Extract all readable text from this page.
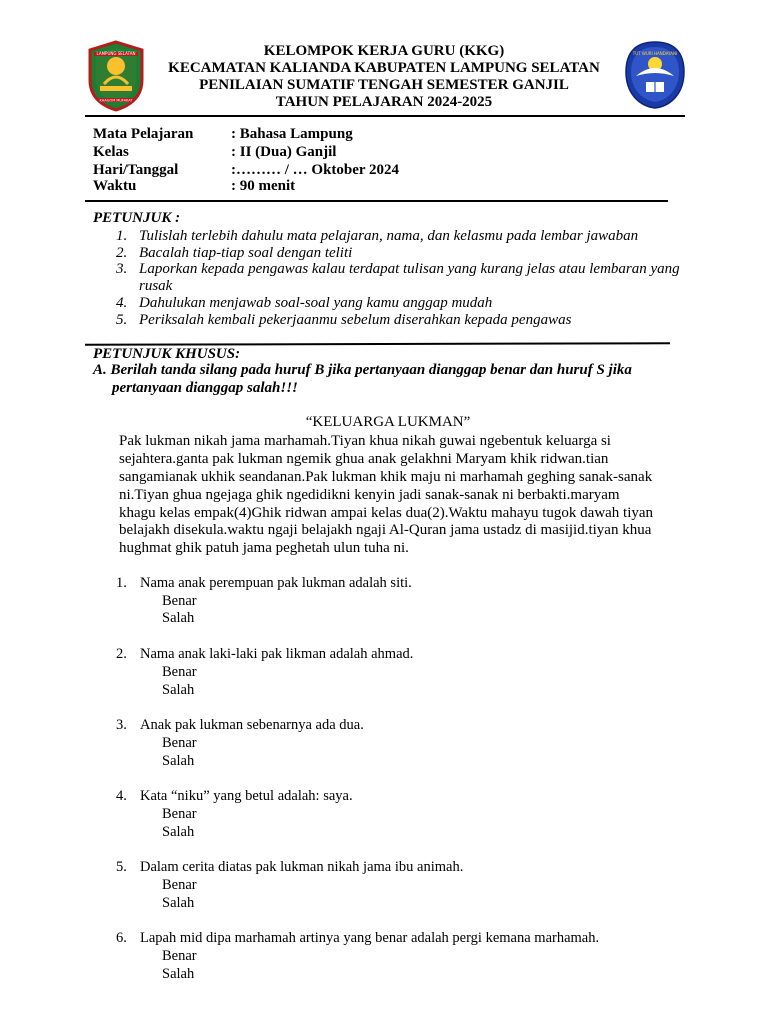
LAMPUNG SELATAN
KHAGOM MUFAKAT
TUT WURI HANDAYANI
KELOMPOK KERJA GURU (KKG)
KECAMATAN KALIANDA KABUPATEN LAMPUNG SELATAN
PENILAIAN SUMATIF TENGAH SEMESTER GANJIL
TAHUN PELAJARAN 2024-2025
Mata Pelajaran	: Bahasa Lampung
Kelas	: II (Dua) Ganjil
Hari/Tanggal	:……… / … Oktober 2024
Waktu	: 90 menit
PETUNJUK :
1. Tulislah terlebih dahulu mata pelajaran, nama, dan kelasmu pada lembar jawaban
2. Bacalah tiap-tiap soal dengan teliti
3. Laporkan kepada pengawas kalau terdapat tulisan yang kurang jelas atau lembaran yang rusak
4. Dahulukan menjawab soal-soal yang kamu anggap mudah
5. Periksalah kembali pekerjaanmu sebelum diserahkan kepada pengawas
PETUNJUK KHUSUS:
A. Berilah tanda silang pada huruf B jika pertanyaan dianggap benar dan huruf S jika
pertanyaan dianggap salah!!!
“KELUARGA LUKMAN”
Pak lukman nikah jama marhamah.Tiyan khua nikah guwai ngebentuk keluarga si
sejahtera.ganta pak lukman ngemik ghua anak gelakhni Maryam khik ridwan.tian
sangamianak ukhik seandanan.Pak lukman khik maju ni marhamah geghing sanak-sanak
ni.Tiyan ghua ngejaga ghik ngedidikni kenyin jadi sanak-sanak ni berbakti.maryam
khagu kelas empak(4)Ghik ridwan ampai kelas dua(2).Waktu mahayu tugok dawah tiyan
belajakh disekula.waktu ngaji belajakh ngaji Al-Quran jama ustadz di masijid.tiyan khua
hughmat ghik patuh jama peghetah ulun tuha ni.
1. Nama anak perempuan pak lukman adalah siti.
Benar
Salah
2. Nama anak laki-laki pak likman adalah ahmad.
Benar
Salah
3. Anak pak lukman sebenarnya ada dua.
Benar
Salah
4. Kata “niku” yang betul adalah: saya.
Benar
Salah
5. Dalam cerita diatas pak lukman nikah jama ibu animah.
Benar
Salah
6. Lapah mid dipa marhamah artinya yang benar adalah pergi kemana marhamah.
Benar
Salah
